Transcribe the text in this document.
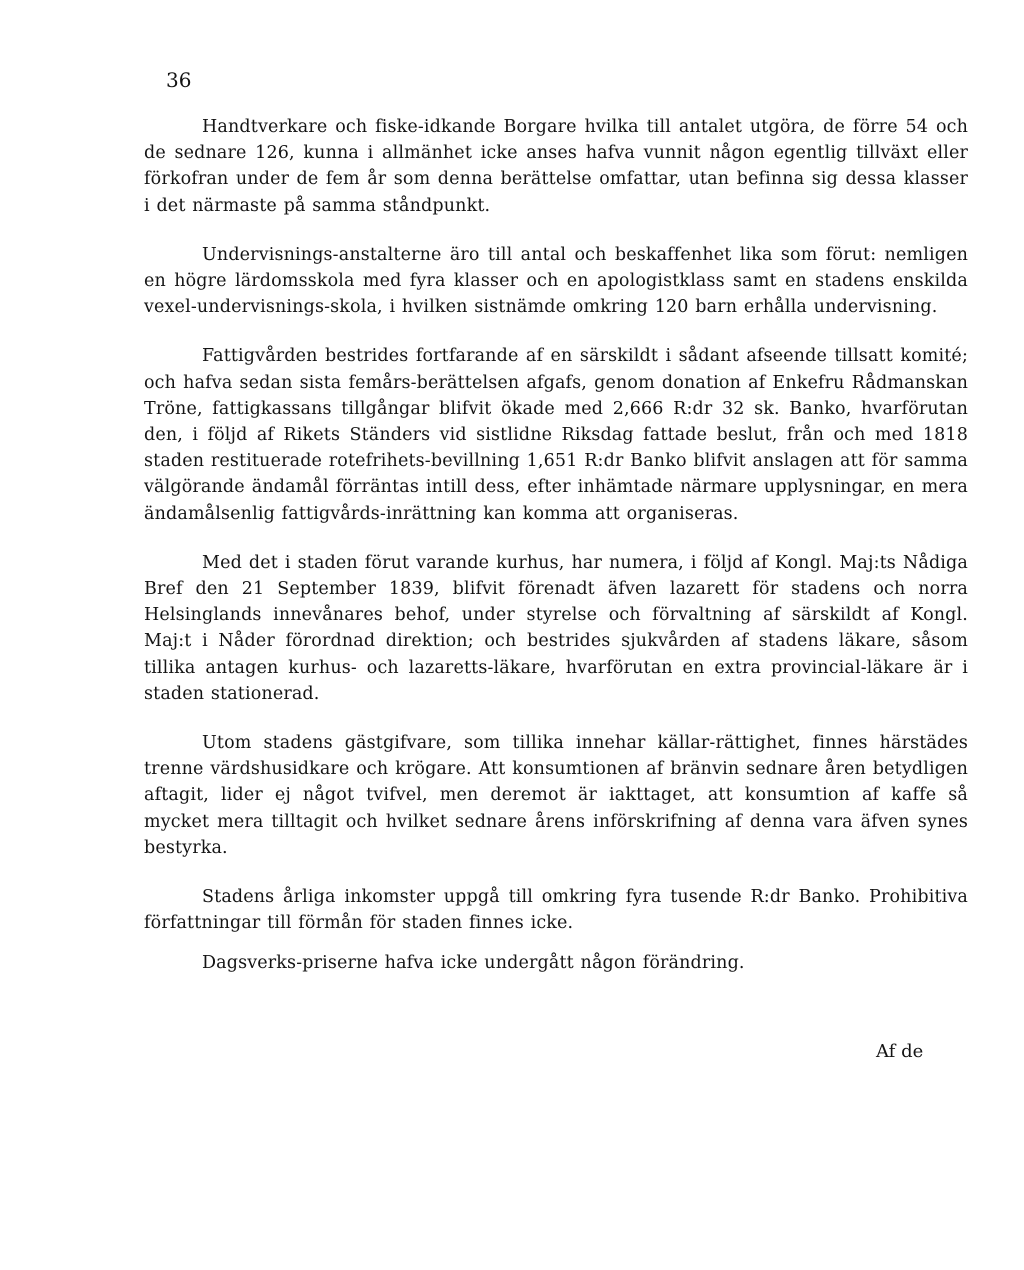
36

Handtverkare och fiske-idkande Borgare hvilka till antalet utgöra, de förre 54 och de sednare 126, kunna i allmänhet icke anses hafva vunnit någon egentlig tillväxt eller förkofran under de fem år som denna berättelse omfattar, utan befinna sig dessa klasser i det närmaste på samma ståndpunkt.

Undervisnings-anstalterne äro till antal och beskaffenhet lika som förut: nemligen en högre lärdomsskola med fyra klasser och en apologistklass samt en stadens enskilda vexel-undervisnings-skola, i hvilken sistnämde omkring 120 barn erhålla undervisning.

Fattigvården bestrides fortfarande af en särskildt i sådant afseende tillsatt komité; och hafva sedan sista femårs-berättelsen afgafs, genom donation af Enkefru Rådmanskan Tröne, fattigkassans tillgångar blifvit ökade med 2,666 R:dr 32 sk. Banko, hvarförutan den, i följd af Rikets Ständers vid sistlidne Riksdag fattade beslut, från och med 1818 staden restituerade rotefrihets-bevillning 1,651 R:dr Banko blifvit anslagen att för samma välgörande ändamål förräntas intill dess, efter inhämtade närmare upplysningar, en mera ändamålsenlig fattigvårds-inrättning kan komma att organiseras.

Med det i staden förut varande kurhus, har numera, i följd af Kongl. Maj:ts Nådiga Bref den 21 September 1839, blifvit förenadt äfven lazarett för stadens och norra Helsinglands innevånares behof, under styrelse och förvaltning af särskildt af Kongl. Maj:t i Nåder förordnad direktion; och bestrides sjukvården af stadens läkare, såsom tillika antagen kurhus- och lazaretts-läkare, hvarförutan en extra provincial-läkare är i staden stationerad.

Utom stadens gästgifvare, som tillika innehar källar-rättighet, finnes härstädes trenne värdshusidkare och krögare. Att konsumtionen af bränvin sednare åren betydligen aftagit, lider ej något tvifvel, men deremot är iakttaget, att konsumtion af kaffe så mycket mera tilltagit och hvilket sednare årens införskrifning af denna vara äfven synes bestyrka.

Stadens årliga inkomster uppgå till omkring fyra tusende R:dr Banko. Prohibitiva författningar till förmån för staden finnes icke.

Dagsverks-priserne hafva icke undergått någon förändring.

Af de
